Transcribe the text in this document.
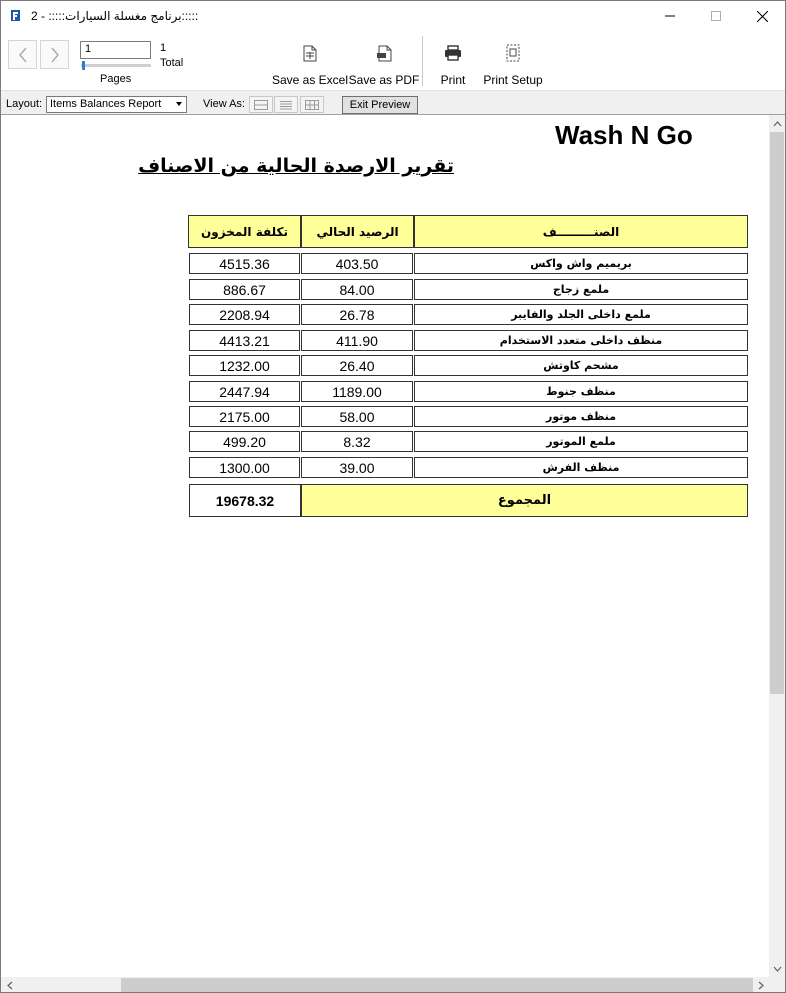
برنامج مغسلة السيارات::::: - 2:::::
1
Pages
1
Total
Save as Excel Save as PDF Print Print Setup
Layout: Items Balances Report	View As:	Exit Preview
Wash N Go
تقرير الارصدة الحالية من الاصناف
الصنـــــــــف
الرصيد الحالي
تكلفة المخزون
بريميم واش واكس
403.50
4515.36
ملمع زجاج
84.00
886.67
ملمع داخلى الجلد والفايبر
26.78
2208.94
منظف داخلى متعدد الاستخدام
411.90
4413.21
مشحم كاوتش
26.40
1232.00
منظف جنوط
1189.00
2447.94
منظف موتور
58.00
2175.00
ملمع الموتور
8.32
499.20
منظف الفرش
39.00
1300.00
المجموع
19678.32
